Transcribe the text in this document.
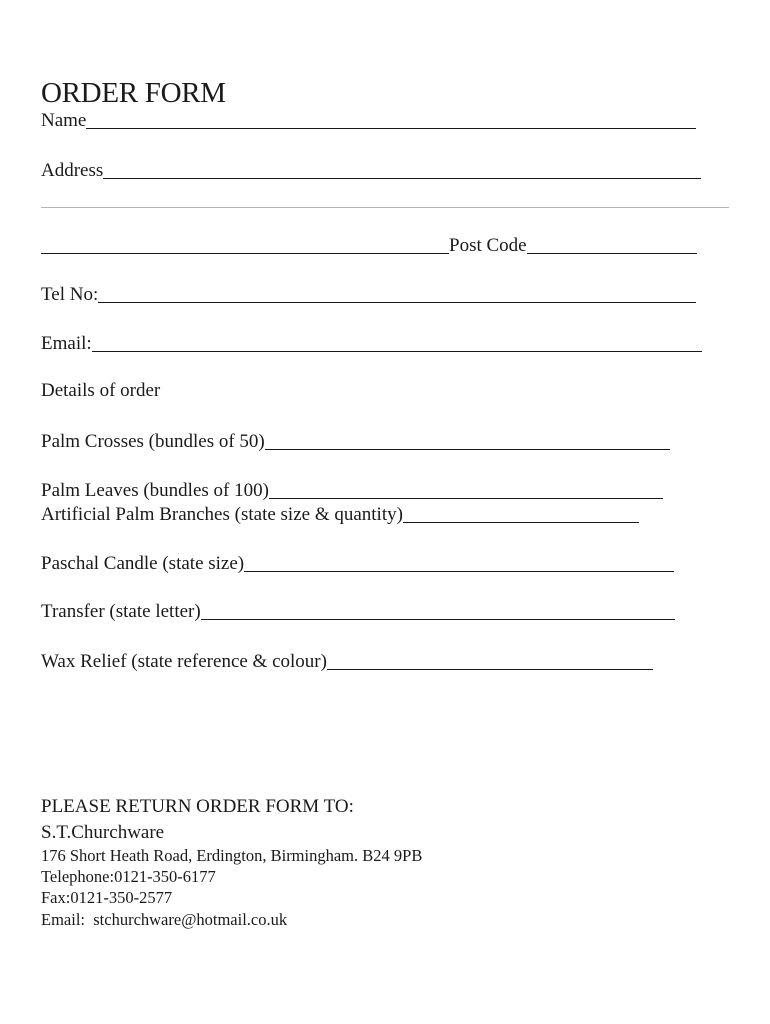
ORDER FORM
Name
Address
Post Code
Tel No:
Email:
Details of order
Palm Crosses (bundles of 50)
Palm Leaves (bundles of 100)
Artificial Palm Branches (state size & quantity)
Paschal Candle (state size)
Transfer (state letter)
Wax Relief (state reference & colour)
PLEASE RETURN ORDER FORM TO:
S.T.Churchware
176 Short Heath Road, Erdington, Birmingham. B24 9PB
Telephone:0121-350-6177
Fax:0121-350-2577
Email:  stchurchware@hotmail.co.uk
